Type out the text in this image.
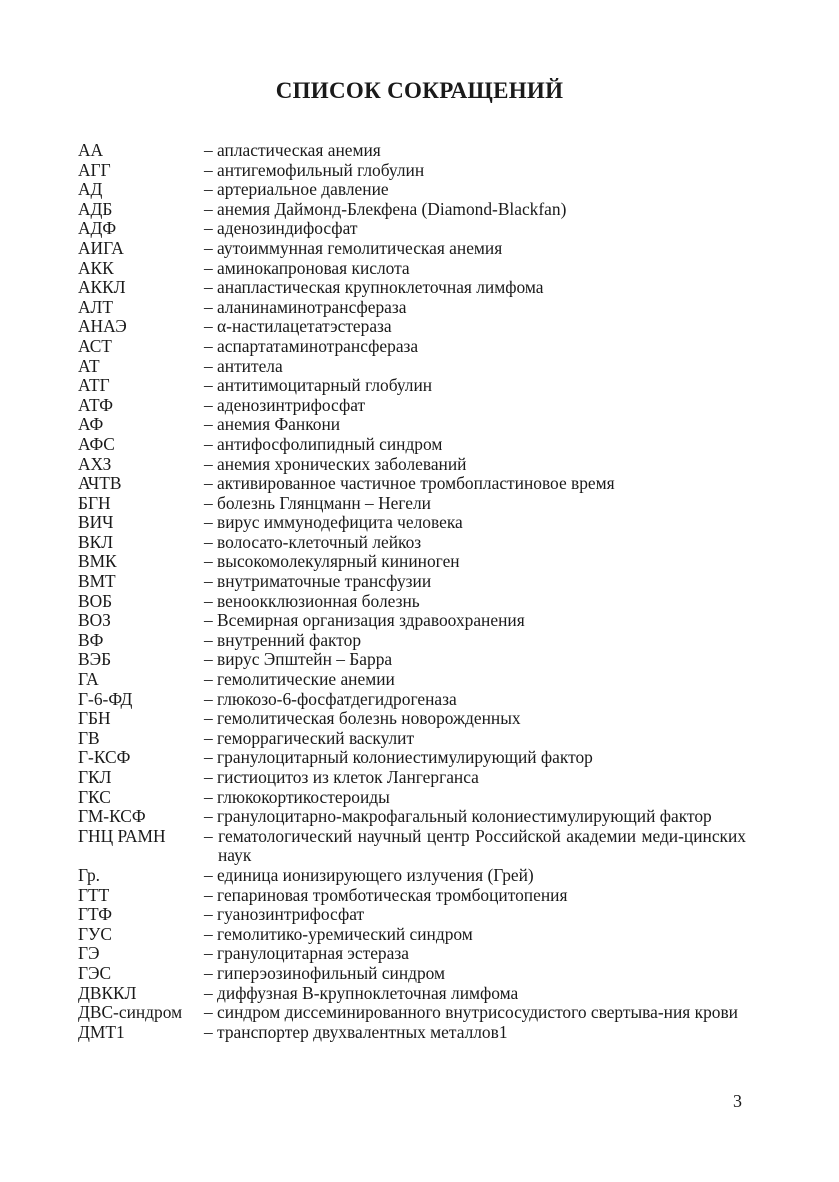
СПИСОК СОКРАЩЕНИЙ
АА	– апластическая анемия
АГГ	– антигемофильный глобулин
АД	– артериальное давление
АДБ	– анемия Даймонд-Блекфена (Diamond-Blackfan)
АДФ	– аденозиндифосфат
АИГА	– аутоиммунная гемолитическая анемия
АКК	– аминокапроновая кислота
АККЛ	– анапластическая крупноклеточная лимфома
АЛТ	– аланинаминотрансфераза
АНАЭ	– α-настилацетатэстераза
АСТ	– аспартатаминотрансфераза
АТ	– антитела
АТГ	– антитимоцитарный глобулин
АТФ	– аденозинтрифосфат
АФ	– анемия Фанкони
АФС	– антифосфолипидный синдром
АХЗ	– анемия хронических заболеваний
АЧТВ	– активированное частичное тромбопластиновое время
БГН	– болезнь Глянцманн – Негели
ВИЧ	– вирус иммунодефицита человека
ВКЛ	– волосато-клеточный лейкоз
ВМК	– высокомолекулярный кининоген
ВМТ	– внутриматочные трансфузии
ВОБ	– веноокклюзионная болезнь
ВОЗ	– Всемирная организация здравоохранения
ВФ	– внутренний фактор
ВЭБ	– вирус Эпштейн – Барра
ГА	– гемолитические анемии
Г-6-ФД	– глюкозо-6-фосфатдегидрогеназа
ГБН	– гемолитическая болезнь новорожденных
ГВ	– геморрагический васкулит
Г-КСФ	– гранулоцитарный колониестимулирующий фактор
ГКЛ	– гистиоцитоз из клеток Лангерганса
ГКС	– глюкокортикостероиды
ГМ-КСФ	– гранулоцитарно-макрофагальный колониестимулирующий фактор
ГНЦ РАМН	– гематологический научный центр Российской академии меди-цинских наук
Гр.	– единица ионизирующего излучения (Грей)
ГТТ	– гепариновая тромботическая тромбоцитопения
ГТФ	– гуанозинтрифосфат
ГУС	– гемолитико-уремический синдром
ГЭ	– гранулоцитарная эстераза
ГЭС	– гиперэозинофильный синдром
ДВККЛ	– диффузная B-крупноклеточная лимфома
ДВС-синдром	– синдром диссеминированного внутрисосудистого свертыва-ния крови
ДМТ1	– транспортер двухвалентных металлов1
3
